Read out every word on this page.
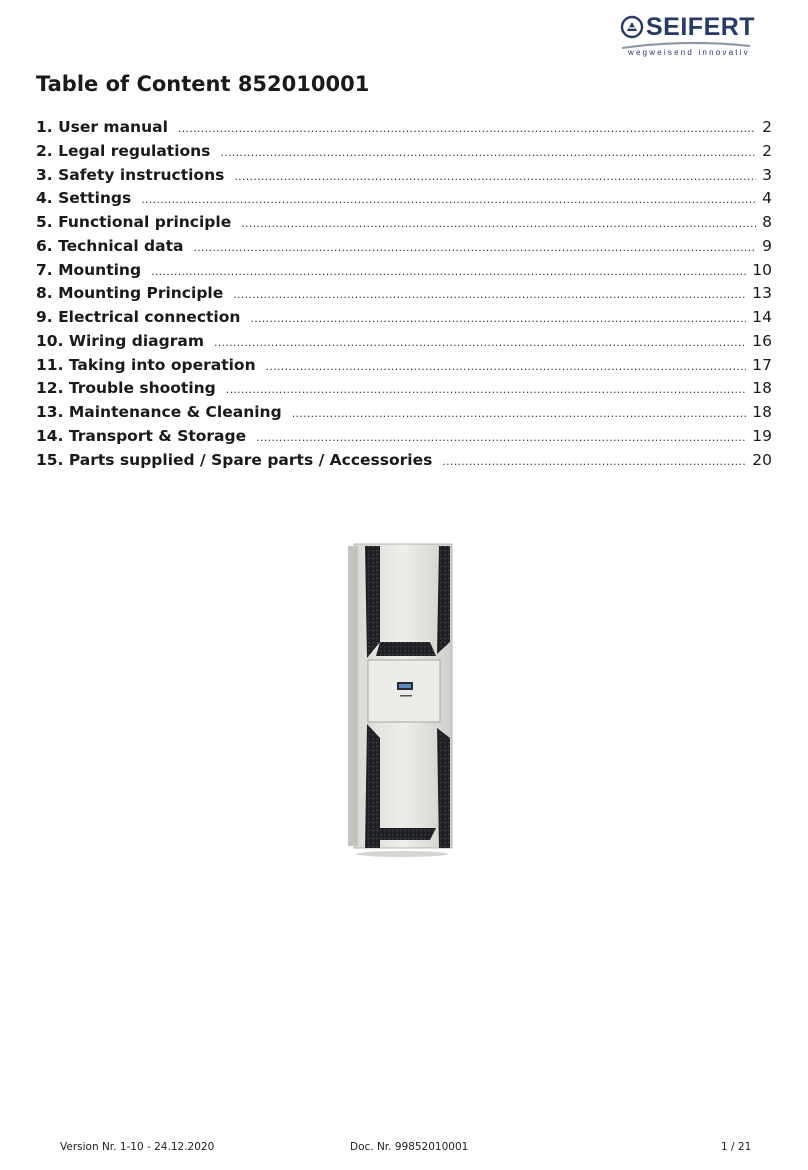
SEIFERT
wegweisend innovativ
Table of Content 852010001
1. User manual .....	2
2. Legal regulations .....	2
3. Safety instructions .....	3
4. Settings .....	4
5. Functional principle .....	8
6. Technical data .....	9
7. Mounting .....	10
8. Mounting Principle .....	13
9. Electrical connection .....	14
10. Wiring diagram .....	16
11. Taking into operation .....	17
12. Trouble shooting .....	18
13. Maintenance & Cleaning .....	18
14. Transport & Storage .....	19
15. Parts supplied / Spare parts / Accessories .....	20
Version Nr. 1-10 - 24.12.2020	Doc. Nr. 99852010001	1 / 21
